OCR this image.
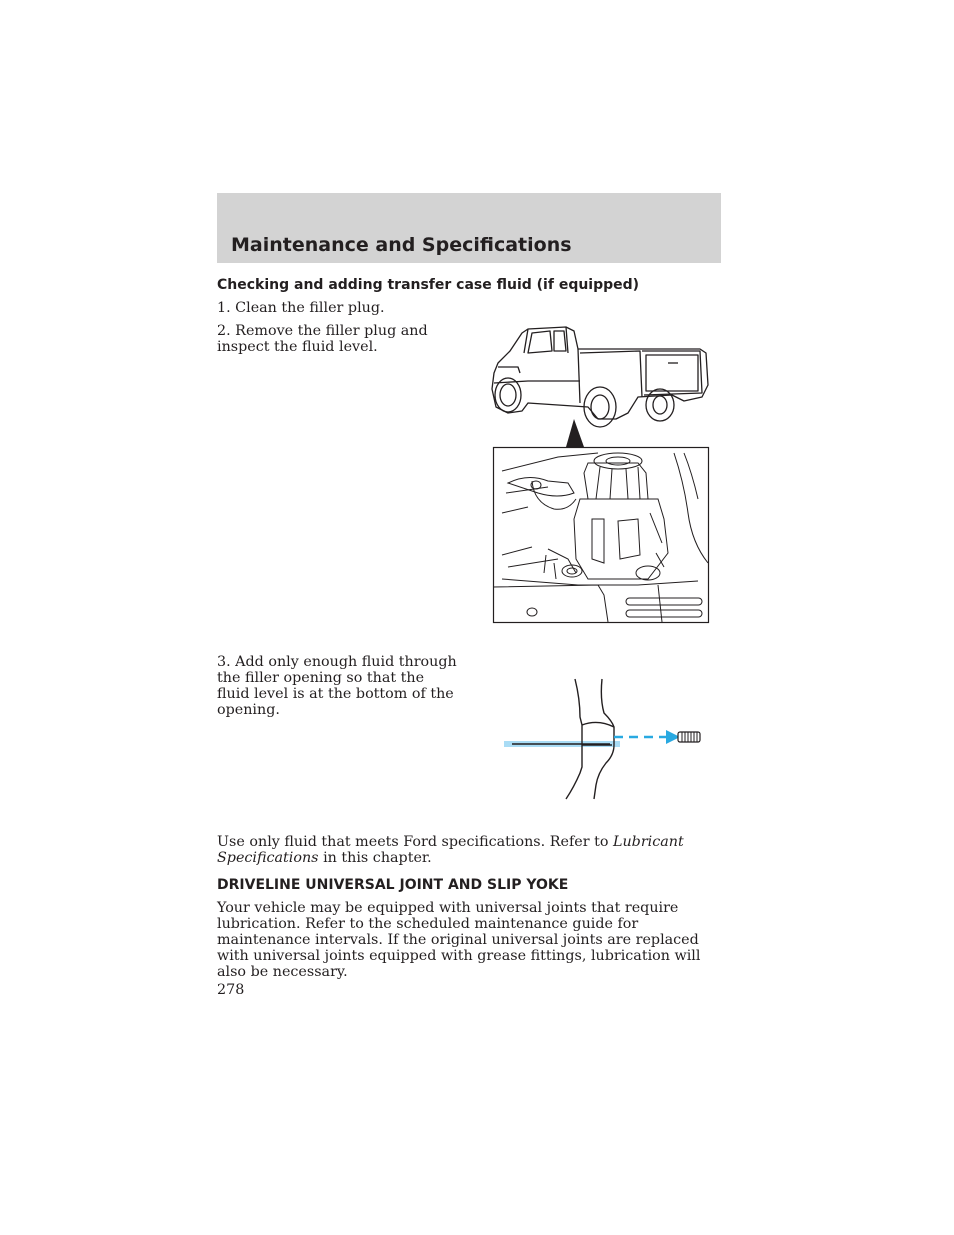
Maintenance and Specifications
Checking and adding transfer case fluid (if equipped)

1. Clean the filler plug.

2. Remove the filler plug and inspect the fluid level.

3. Add only enough fluid through the filler opening so that the fluid level is at the bottom of the opening.

Use only fluid that meets Ford specifications. Refer to Lubricant Specifications in this chapter.

DRIVELINE UNIVERSAL JOINT AND SLIP YOKE

Your vehicle may be equipped with universal joints that require lubrication. Refer to the scheduled maintenance guide for maintenance intervals. If the original universal joints are replaced with universal joints equipped with grease fittings, lubrication will also be necessary.

278
